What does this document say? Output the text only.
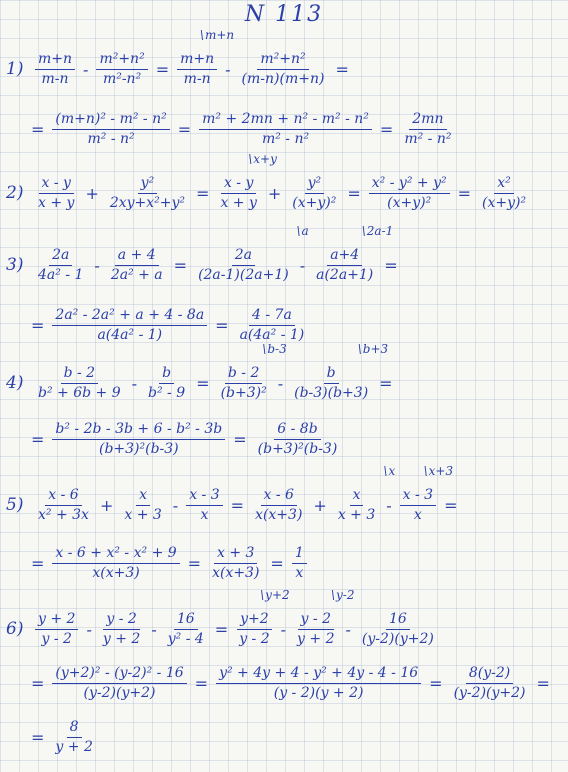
N 113
$1) \frac{m+n}{m-n} - \frac{\text{m²+n²}}{\text{m²-n²}} = \frac{m+n}{m-n}$
\ m+n
- $\frac{\text{m²+n²}}{(m-n)(m+n)}$ =
= $\frac{\text{(m+n)² - m² - n²}}{\text{m² - n²}} = \frac{\text{m² + 2mn + n² - m² - n²}}{\text{m² - n²}} = \frac{2mn}{\text{m² - n²}}$
$2) \frac{x - y}{x + y} + \frac{\text{y²}}{\text{2xy+x²+y²}} = \frac{x - y}{x + y}$
\ x+y
+ $\frac{\text{y²}}{\text{(x+y)²}} = \frac{\text{x² - y² + y²}}{\text{(x+y)²}} = \frac{\text{x²}}{\text{(x+y)²}}$
$3) \frac{2a}{\text{4a² - 1}} - \frac{a + 4}{\text{2a² + a}} = \frac{2a}{(2a-1)(2a+1)}$
\ a
- $\frac{a+4}{a(2a+1)}$
\ 2a-1
=
= $\frac{\text{2a² - 2a² + a + 4 - 8a}}{\text{a(4a² - 1)}} = \frac{4 - 7a}{\text{a(4a² - 1)}}$
$4) \frac{b - 2}{\text{b² + 6b + 9}} - \frac{b}{\text{b² - 9}} = \frac{b - 2}{\text{(b+3)²}}$
\ b-3
- $\frac{b}{(b-3)(b+3)}$
\ b+3
=
= $\frac{\text{b² - 2b - 3b + 6 - b² - 3b}}{\text{(b+3)²(b-3)}} = \frac{6 - 8b}{\text{(b+3)²(b-3)}}$
$5) \frac{x - 6}{\text{x² + 3x}} + \frac{x}{x + 3} - \frac{x - 3}{x} = \frac{x - 6}{x(x+3)} + \frac{x}{x + 3}$
\ x
- $\frac{x - 3}{x}$
\ x+3
=
= $\frac{\text{x - 6 + x² - x² + 9}}{x(x+3)} = \frac{x + 3}{x(x+3)} = \frac{1}{x}$
$6) \frac{y + 2}{y - 2} - \frac{y - 2}{y + 2} - \frac{16}{\text{y² - 4}} = \frac{y+2}{y - 2}$
\ y+2
- $\frac{y - 2}{y + 2}$
\ y-2
- $\frac{16}{(y-2)(y+2)}$
= $\frac{\text{(y+2)² - (y-2)² - 16}}{(y-2)(y+2)} = \frac{\text{y² + 4y + 4 - y² + 4y - 4 - 16}}{(y - 2)(y + 2)} = \frac{8(y-2)}{(y-2)(y+2)}$ =
= $\frac{8}{y + 2}$
